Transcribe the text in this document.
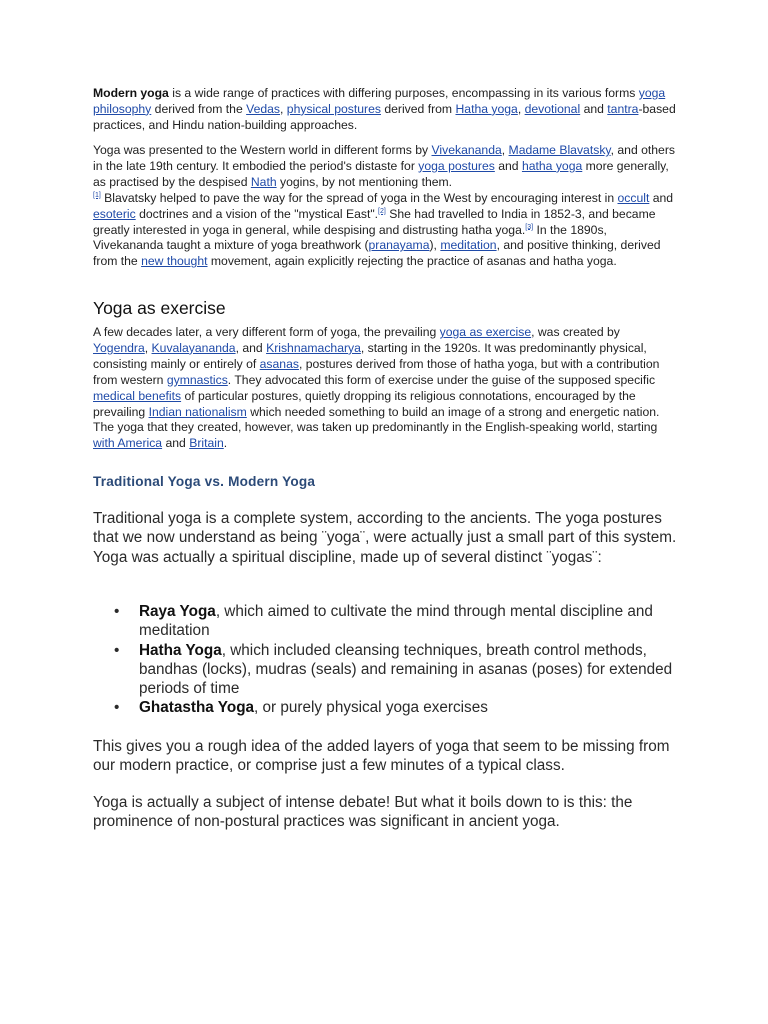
Modern yoga is a wide range of practices with differing purposes, encompassing in its various forms yoga philosophy derived from the Vedas, physical postures derived from Hatha yoga, devotional and tantra-based practices, and Hindu nation-building approaches.

Yoga was presented to the Western world in different forms by Vivekananda, Madame Blavatsky, and others in the late 19th century. It embodied the period's distaste for yoga postures and hatha yoga more generally, as practised by the despised Nath yogins, by not mentioning them.
[1] Blavatsky helped to pave the way for the spread of yoga in the West by encouraging interest in occult and esoteric doctrines and a vision of the "mystical East".[2] She had travelled to India in 1852-3, and became greatly interested in yoga in general, while despising and distrusting hatha yoga.[3] In the 1890s, Vivekananda taught a mixture of yoga breathwork (pranayama), meditation, and positive thinking, derived from the new thought movement, again explicitly rejecting the practice of asanas and hatha yoga.

Yoga as exercise

A few decades later, a very different form of yoga, the prevailing yoga as exercise, was created by Yogendra, Kuvalayananda, and Krishnamacharya, starting in the 1920s. It was predominantly physical, consisting mainly or entirely of asanas, postures derived from those of hatha yoga, but with a contribution from western gymnastics. They advocated this form of exercise under the guise of the supposed specific medical benefits of particular postures, quietly dropping its religious connotations, encouraged by the prevailing Indian nationalism which needed something to build an image of a strong and energetic nation. The yoga that they created, however, was taken up predominantly in the English-speaking world, starting with America and Britain.

Traditional Yoga vs. Modern Yoga

Traditional yoga is a complete system, according to the ancients. The yoga postures that we now understand as being ¨yoga¨, were actually just a small part of this system. Yoga was actually a spiritual discipline, made up of several distinct ¨yogas¨:

• Raya Yoga, which aimed to cultivate the mind through mental discipline and meditation
• Hatha Yoga, which included cleansing techniques, breath control methods, bandhas (locks), mudras (seals) and remaining in asanas (poses) for extended periods of time
• Ghatastha Yoga, or purely physical yoga exercises

This gives you a rough idea of the added layers of yoga that seem to be missing from our modern practice, or comprise just a few minutes of a typical class.

Yoga is actually a subject of intense debate! But what it boils down to is this: the prominence of non-postural practices was significant in ancient yoga.
